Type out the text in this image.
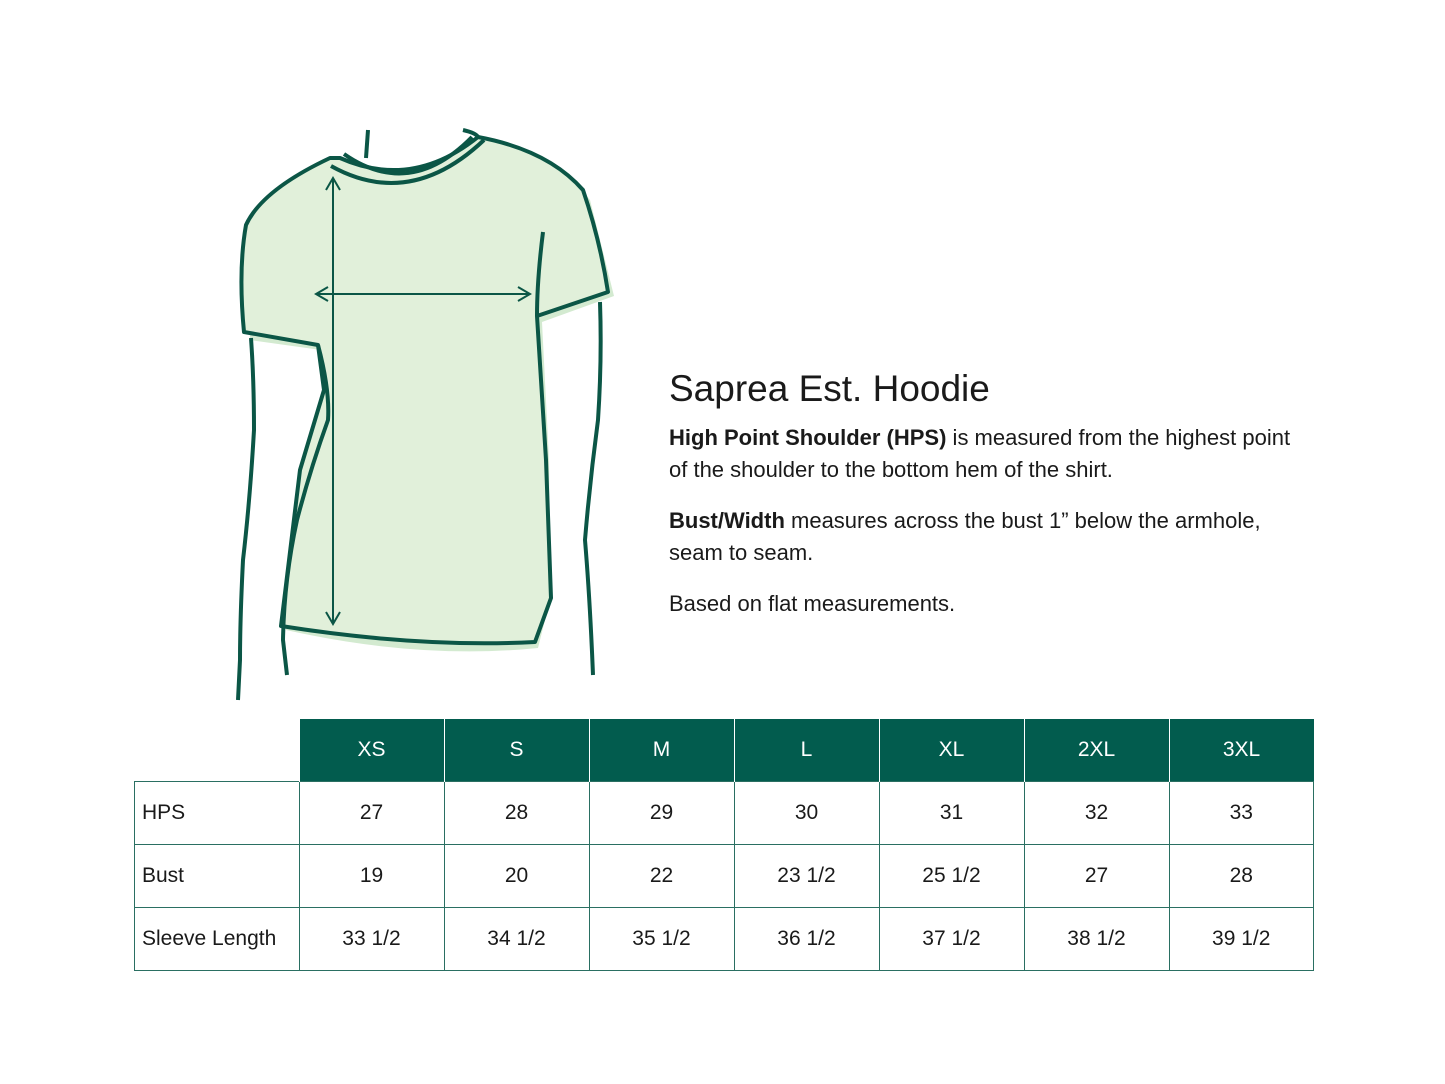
Saprea Est. Hoodie

High Point Shoulder (HPS) is measured from the highest point of the shoulder to the bottom hem of the shirt.

Bust/Width measures across the bust 1” below the armhole, seam to seam.

Based on flat measurements.

	XS	S	M	L	XL	2XL	3XL
HPS	27	28	29	30	31	32	33
Bust	19	20	22	23 1/2	25 1/2	27	28
Sleeve Length	33 1/2	34 1/2	35 1/2	36 1/2	37 1/2	38 1/2	39 1/2
